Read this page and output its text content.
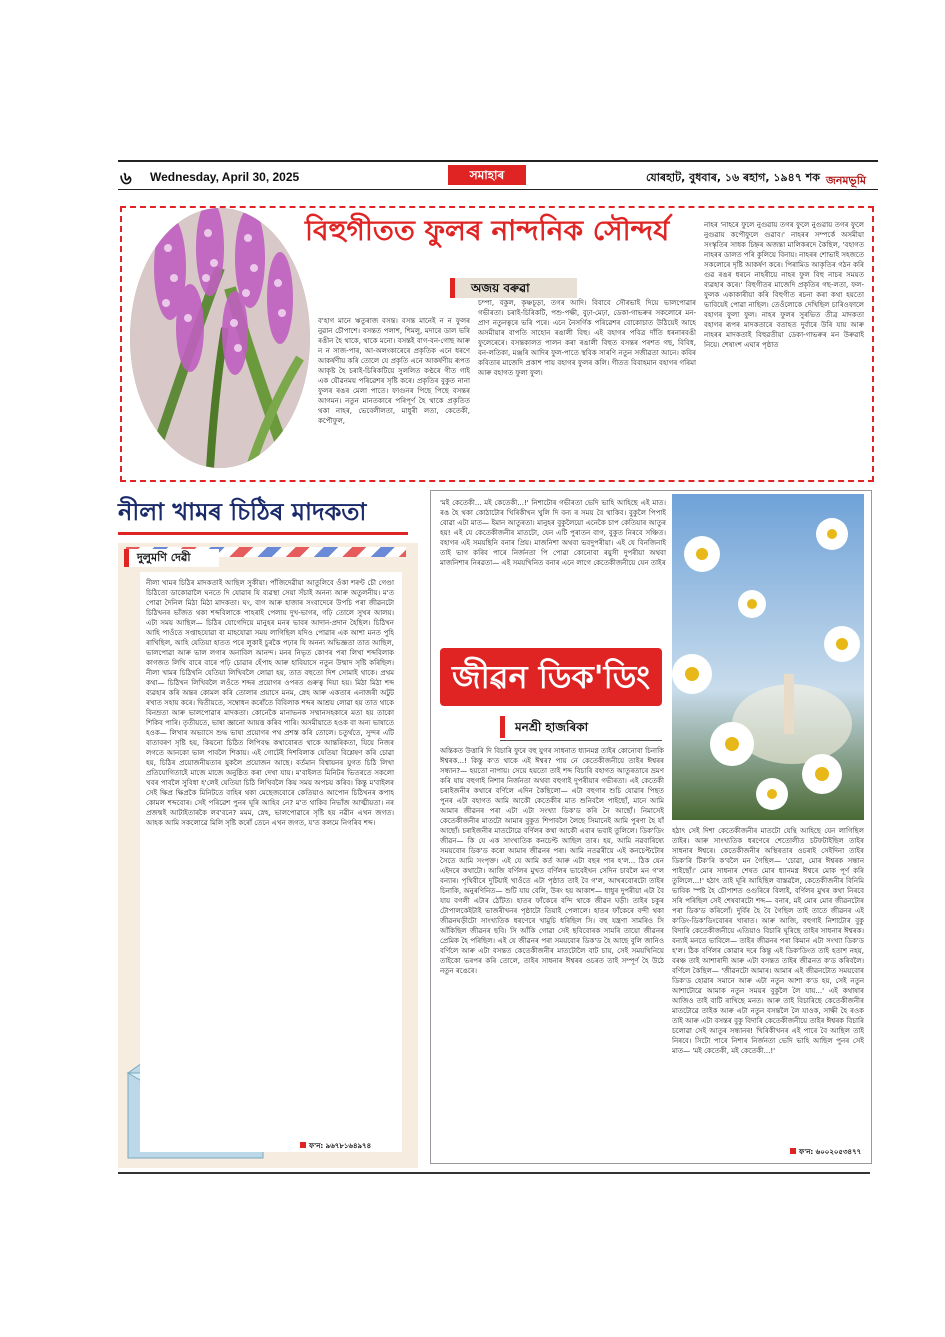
৬ Wednesday, April 30, 2025	সমাহাৰ	যোৰহাট, বুধবাৰ, ১৬ ৰহাগ, ১৯৪৭ শক জনমভূমি
বিহুগীতত ফুলৰ নান্দনিক সৌন্দৰ্য
অজয় বৰুৱা

ব'হাগ মানে ঋতুৰাজ বসন্ত। বসন্ত মানেই ন ন ফুলৰ নুৱান চৌপাশে। বসন্তত পলাশ, শিমলু, মদাৰে ডাল ভৰি ৰঙীন হৈ থাকে, থাকে মনো। বসন্তই বাগ-বন-গোছ আৰু ন ন সাজ-পাৰ, আ-অলংকাৰেৰে প্ৰকৃতিক এনে ধৰণে আকৰ্ষণীয় কৰি তোলে যে প্ৰকৃতি এনে আকৰ্ষণীয় ৰূপত আকৃষ্ট হৈ চৰাই-চিৰিকটিয়ে সুললিত কণ্ঠৰে গীত গাই এক যৌৱনময় পৰিৱেশৰ সৃষ্টি কৰে। প্ৰকৃতিৰ বুকুত নানা ফুলৰ ৰঙৰ মেলা পাতে। ফাগুনৰ পিছে পিছে বসন্তৰ আগমন। নতুন মানতকাৰে পৰিপূৰ্ণ হৈ থাকে প্ৰকৃতিত থকা নাহৰ, ভেবেলীলতা, মাধুৰী লতা, কেতেকী, কপৌফুল,

চম্পা, বকুল, কৃষ্ণচূড়া, তগৰ আদি। বিবাবে সৌৰভাই দিয়ে ভালপোৱাৰ গভীৰতা। চৰাই-চিৰিকটি, পশু-পক্ষী, বুঢ়া-মেঢ়া, ডেকা-গাভৰুৰ সকলোৰে মন-প্ৰাণ নতুনত্বৰে ভৰি পৰে। এনে নৈসৰ্গিক পৰিৱেশৰ বোকোচাত উঠিয়েই আহে অসমীয়াৰ বাপতি সাহোন ৰঙালী বিহু। এই বহাগৰ পবিত্ৰ দাঁতি ধৰনাৰবঙী ফুলেৰেৰে। বসন্তকালত পালন কৰা ৰঙালী বিহুত বসন্তৰ পৰশত গছ, বিবিধ, বন-লতিকা, মঞ্জৰি আদিৰ ফুল-পাতে স্থবিক সাৰণি নতুন সজীৱতা আনে। কবিৰ কবিতাৰ মাজেদি প্ৰকাশ পায় বহাগৰ ফুলৰ কলি। গীতত বিবাহমান বহাগৰ গৰিমা আৰু বহাগত ফুলা ফুল।

নাহৰ 'নাহৰে ফুলে নুগুৱায় তগৰ ফুলে নুগুৱায় তগৰ ফুলে নুগুৱায় কপৌফুলে গুৱাব।' নাহৰৰ সম্পৰ্কে অসমীয়া সংস্কৃতিৰ সাধক চিহ্নৰ অজন্তা মালিকৰদে কৈছিল, 'বহাগত নাহৰৰ ডালত পৰি কুলিয়ে বিনায়। নাহৰৰ শোভাই সহজতে সকলোৰে দৃষ্টি আকৰ্ষণ কৰে। পিৰামিড আকৃতিৰ গঠন কৰি গুৱ ৰঙৰ ধৰনে নাহৰীয়ে নাহৰ ফুল বিহু নাচৰ সময়ত ব্যৱহাৰ কৰে।' বিহুগীতৰ মাজেদি প্ৰকৃতিৰ গছ-লতা, ফল-ফুলক একাকাৰীয়া কৰি বিহুগীত ৰচনা কৰা কথা হয়তো ভাবিয়েই পোৱা নাছিল। তেওঁলোকে দেখিছিল চাৰিওফালে বহাগৰ ফুলা ফুল। নাহৰ ফুলৰ সুৰভিত তীব্ৰ মাদকতা বহাগৰ ৰূপৰ মাদকতাৰে বতাহত দুৰ্বাৰে উৰি যায় আৰু নাহৰৰ মাদকতাই বিহুৱতীয়া ডেকা-গাভৰুৰ মন উৰুৱাই নিয়ে। শেষাংশ এঘাৰ পৃষ্ঠাত

নীলা খামৰ চিঠিৰ মাদকতা
দুলুমণি দেৱী

নীলা খামৰ চিঠিৰ মাদকতাই আছিল সুকীয়া। পাঁজিদেৱীয়া আতুলিবে ওঁকা শৰণ্ট চৌ গেণ্ডা চিঠিতো ডাকোৱালৈ ঘনতে দি যোৱাৰ যি ব্যৱস্থা সেয়া সঁচাই অনন্য আৰু অতুলনীয়। ম'ত পোৱা দৈনিল মিঠা মিঠা মাদকতা। ঘং, বাগ আৰু হাজাৰ সংবাদেৰে উপচি পৰা জীৱনটো চিঠিখনৰ ভাঁজত থকা শব্দবিলাকে পাহৰাই পেলায় দুখ-ভাগৰ, গঢ়ি তোলে সুখৰ আলয়। এটা সময় আছিল— চিঠিৰ যোগেদিয়ে মানুহৰ মনৰ ভাবৰ আদান-প্ৰদান হৈছিল। চিঠিখন আহি পাওঁতে সপ্তাহযোৱা বা মাহযোৱা সময় লাগিছিল যদিও পোৱাৰ এক আশা মনত পুহি ৰাখিছিল, আহি যেতিয়া হাতত পৰে লুকাই চুৰকৈ পঢ়াৰ যি অনন্য অভিজ্ঞতা তাত আছিল, ভালপোৱা আৰু ভাল লগাৰ অনাবিল আনন্দ। মনৰ নিভৃত কোণৰ পৰা লিখা শব্দবিলাক কাগজত লিখি বাৰে বাৰে পঢ়ি চোৱাৰ হেঁপাহ আৰু হাবিয়াসে নতুন উন্মাদ সৃষ্টি কৰিছিল। নীলা খামৰ চিঠিখনি যেতিয়া লিখিবলৈ লোৱা হয়, তাত বহুতো দিশ সোমাই থাকে। প্ৰথম কথা— চিঠিখন লিখিবলৈ লওঁতে শব্দৰ প্ৰয়োগৰ ওপৰত গুৰুত্ব দিয়া হয়। মিঠা মিঠা শব্দ ব্যৱহাৰ কৰি অন্তৰ কোমল কৰি তোলাৰ প্ৰয়াসে মনম, স্নেহ আৰু একতাৰ এনাজৰী অটুট ৰখাত সহায় কৰে। দ্বিতীয়তে, সম্বোধন কৰোঁতে বিবিলাক শব্দৰ আশ্ৰয় লোৱা হয় তাত থাকে বিনম্ৰতা আৰু ভালপোৱাৰ মাদকতা। কোনেকৈ মানাভনক সম্মানসহকাৰে মতা হয় তাকো শিকিব পাৰি। তৃতীয়তে, ভাষা জ্ঞানো আয়ত্ত কৰিব পাৰি। অসমীয়াতে হওক বা অন্য ভাষাতে হওক— লিখাৰ অভ্যাসে শুদ্ধ ভাষা প্ৰয়োগৰ পথ প্ৰশস্ত কৰি তোলে। চতুৰ্থতে, সুন্দৰ এটি বাতাবৰণ সৃষ্টি হয়, কিয়নো চিঠিত লিপিবদ্ধ কথাবোৰত থাকে আন্তৰিকতা, যিয়ে নিজৰ লগতে আনকো ভাল পাবলৈ শিকায়। এই গোটেই দিশবিলাক যেতিয়া বিশ্লেষণ কৰি চোৱা হয়, চিঠিৰ প্ৰয়োজনীয়তাৰ যুকলৈ প্ৰয়োজন আছে। বৰ্তমান বিশ্বায়নৰ যুগত চিঠি লিখা প্ৰতিযোগিতাইে মাজে মাজে অনুষ্ঠিত কৰা দেখা যায়। ম'বাইলত মিনিটৰ ভিতৰতে সকলো খবৰ পাবলৈ সুবিধা হ'লেই যেতিয়া চিঠি লিখিবলৈ কিয় সময় অপচয় কৰিব। কিন্তু ম'বাইলৰ সেই ক্ষিপ্ৰ ক্ষিপ্ৰকৈ মিনিটতে বাহিৰ থকা মেছেজবোৰে কেতিয়াও আপোন চিঠিখনৰ কপাহ কোমল শব্দবোৰ। সেই পৰিৱেশ পুনৰ ঘূৰি আহিব নে? ম'ত থাকিব নিভাঁজ আত্মীয়তা। নৰ প্ৰজন্মই আটাইতাৰকৈ লব'বনে? মমম, স্নেহ, ভালপোৱাৰে সৃষ্টি হয় নৱীন এখন জগত। আহক আমি সকলোৱে মিলি সৃষ্টি কৰোঁ তেনে এখন জগত, য'ত কলমে নিগৰিব শব্দ।

ফ'ন: ৯৬৭৮১৬৪৯৭৪

'মই কেতেকী... মই কেতেকী...!' নিশাটোৰ গভীৰতা ভেদি ভাহি আহিছে এই মাত। ৰঙ হৈ থকা কোঠাটোৰ খিৰিকীখন খুলি দি বন্য ৰ সময় বৈ থাকিব। বুকুলৈ পিপাই বোৱা এটা মাত— ইমান আতুৰতা। মানুহৰ বুকুলৈয়ো এনেকৈ চাপ কেতিয়াৰ আতুৰ হয়! এই যে কেতেকীজনীৰ মাতটো, যেন এটি পুৰাতন বাগ, বুকুত নিৰবে সঞ্চিত। বহাগৰ এই সময়ছিনি বনাৰ প্ৰিয়। মাজনিশা অথবা ভবদুপৰীয়া। এই যে বিনজিনাই তাই ভাগ কৰিব পাৰে নিৰ্জনতা পি পোৱা কোনোবা ৰয়ুসী দুপৰীয়া অথবা মাজনিশাৰ নিৰৱতা— এই সময়খিনিত বনাৰ এনে লাগে কেতেকীজনীয়ে যেন তাইৰ

জীৱন ডিক'ডিং
মনশ্ৰী হাজৰিকা

অন্তিকত উত্তাৰি দি বিচাৰি ফুৰে বহু যুগৰ সাধনাত ধ্যানমগ্ন তাইৰ কোনোবা চিনাকি ঈশ্বৰক...! কিন্তু ক'ত থাকে এই ঈশ্বৰ? পায় নে কেতেকীজনীয়ে তাইৰ ঈশ্বৰৰ সন্ধান?— হয়তো নাপায়। সেয়ে হয়তো তাই শব্দ বিচাৰি বহাগত আতুৰতাৰে ভ্ৰমণ কৰি যায় বহুগাই নিশাৰ নিৰ্জনতা অথবা বহুগাই দুপৰীয়াৰ গভীৰতা। এই কেতেকী চৰাইজনীৰ কথাৰে বৰ্ণিলে এদিন কৈছিলো— এটা বহুগাৰ শুচি যোৱাৰ পিছত পুনৰ এটা বহাগত আমি আকৌ কেতেকীৰ মাত শুনিবলৈ পাইছোঁ, মানে আমি আমাৰ জীৱনৰ পৰা এটা এটা সংখ্যা ডিক'ড কৰি নৈ আছোঁ। নিমাসেই কেতেকীজনীৰ মাতটো আমাৰ বুকুত শিপাবলৈ লৈছে সিমানেই আমি পুৰণা হৈ যাঁ আছোঁ। চৰাইজনীৰ মাতটোৱে বৰ্ণিলৰ কথা আকৌ এবাৰ ভবাই তুলিলে। ডিক'ডিং জীৱন— কি যে এক সাংখ্যতিক কনচেপ্ট আছিল তাৰ। হয়, আমি নৱবাৰিষ্যে সময়বোৰ ডিক'ড কৰো আমাৰ জীৱনৰ পৰা। আমি নতৱৰীয়ে এই কনচেপ্টটোৰ সৈতে আমি সংপৃক্ত। এই যে আমি কৰ্ত আৰু এটা বছৰ পাৰ হ'ল... ঠিক যেন এইদৰে কথাটো। আজি বৰ্ণিলৰ মুখত বৰ্ণিলৰ ভাবেইখন সেদিন চাবলৈ মন গ'ল বন্যাৰ। পৃথিবীৰে দুটিয়াই খাওঁতে এটা পৃষ্ঠাত তাই বৈ গ'ল, আখৰবোৰটো তাইৰ চিনাকি, অনুৰণিনিত— শুটি যায় বেলি, উৰং হয় আকাশ— ধাধুৰ দুপৰীয়া এটা বৈ যায় বগলী এটাৰ ঠোঁটত। হাতৰ ফাঁকেৰে বন্দি থাকে জীৱন ঘড়ী। তাইৰ চকুৰ টোপালকেইটাই ভাজৰীখনৰ পৃষ্ঠাটো তিয়াই পেলালে। হাতৰ ফাঁকেৰে বন্দী থকা জীৱনঘড়ীটো সাংখ্যতিক ধৰণেৰে খামুচি ধৰিছিল সি। বহু যন্ত্ৰণা সামৰিও সি আঁকিছিল জীৱনৰ ছবি। সি আঁকি গোৱা সেই ছবিবোৰক সামৰি তায়ো জীৱনৰ প্ৰেমিক হৈ পৰিছিল। এই যে জীৱনৰ পৰা সময়বোৰ ডিক'ড হৈ আছে বুলি জানিও বৰ্ণিলে আৰু এটা বসন্তত কেতেকীজনীৰ মাতটোলৈ বাট চায়, সেই সময়খিনিয়ে তাইকো ভৰপৰ কৰি তোলে, তাইৰ সাধনাৰ ঈশ্বৰৰ ওচৰত তাই সম্পূৰ্ণ হৈ উঠে নতুন ৰঙেৰে।

হঠাৎ সেই দিশা কেতেকীজনীৰ মাতটো যেন্থি আহিছে যেন লাগিছিল তাইৰ। আৰু সাংখ্যতিক ধৰণেৰে শেতোলীত চটফটাইছিল তাইৰ সাধনাৰ ঈশ্বৰে। কেতেকীজনীৰ অস্থিৰতাৰ ওচৰাই সেইদিনা তাইৰ ডিক'ৰি টিক'ৰি ক'বলৈ মন গৈছিল— 'চোৱা, মোৰ ঈশ্বৰক সন্ধান পাইছোঁ।' মোৰ সাধনাৰ শেষত মোৰ ধ্যানমগ্ন ঈশ্বৰে মোক পূৰ্ণ কৰি তুলিলে...!' হঠাৎ তাই ঘূৰি আহিছিল বাস্তৱলৈ, কেতেকীজনীৰ বিনিমি ভাবিক স্পষ্ট হৈ চৌপাশত ওগুৰিৰে বিলাই, বৰ্ণিলৰ মুখৰ কথা নিৰবে সৰি পৰিছিল সেই শেষবাৰটো শব্দ— বনাৰ, মই মোৰ মোৰ জীৱনটোৰ পৰা ডিক'ড কৰিলোঁ। দুৰ্বিৰ হৈ বৈ গৈছিল তাই তাতে জীৱনৰ এই ক'ডিং-ডিক'ডিংবোৰৰ খাৰাত। আৰু আজি, বহুগাই নিশাটোৰ বুকু বিদাৰি কেতেকীজনীয়ে এতিয়াও বিচাৰি ঘূৰিছে তাইৰ সাধনাৰ ঈশ্বৰক। বন্যাই মনতে ভাবিলে— তাইৰ জীৱনৰ পৰা কিমান এটা সংখ্যা ডিক'ড হ'ল। ঠিক বৰ্ণিলৰ কোৱাৰ দৰে কিন্তু এই ডিক'ডিংত তাই হতাশ নহয়, বৰঞ্চ তাই আশাৰাদী আৰু এটা বসন্তত তাইৰ জীৱনত ক'ড কৰিবলৈ। বৰ্ণিলে কৈছিল— 'জীৱনটো আমাৰ। আমাৰ এই জীৱনটোত সময়বোৰ ডিক'ড হোৱাৰ সমানে আৰু এটা নতুন আশা ক'ড হয়, সেই নতুন আশাটোৱে আমাক নতুন সময়ৰ বুকুলৈ লৈ যায়...' এই কথাষাৰ আজিও তাই বাটি ৰাখিছে মনত। আৰু তাই বিচাৰিছে কেতেকীজনীৰ মাতটোৱে তাইক আৰু এটা নতুন বসন্তলৈ লৈ যাওক, সাক্ষী হৈ ৰওক তাই আৰু এটা বসন্তৰ বুকু বিদাৰি কেতেকীজনীয়ে তাইৰ ঈশ্বৰক বিচাৰি চলোৱা সেই আতুৰ সন্ধানৰ! খিৰিকীখনৰ এই পাৰে বৈ আছিল তাই নিৰবে। সিটো পাৰে নিশাৰ নিৰ্জনতা ভেদি ভাহি আছিল পুনৰ সেই মাত— 'মই কেতেকী, মই কেতেকী...!'

ফ'ন: ৬০০২০৫৩৪৭৭
